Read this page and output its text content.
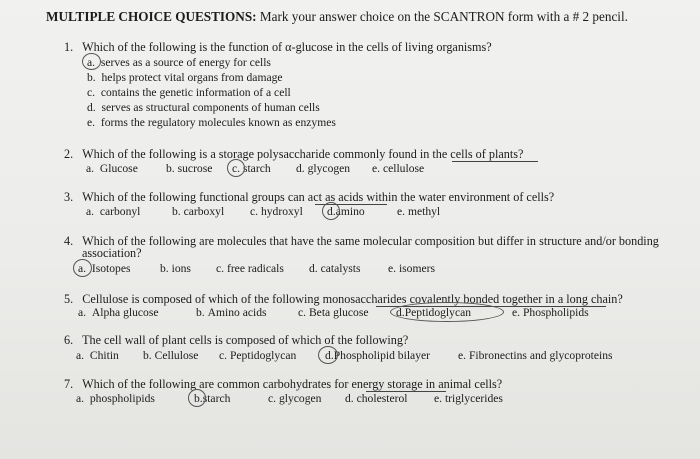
MULTIPLE CHOICE QUESTIONS: Mark your answer choice on the SCANTRON form with a # 2 pencil.
1. Which of the following is the function of α-glucose in the cells of living organisms?
a. serves as a source of energy for cells
b. helps protect vital organs from damage
c. contains the genetic information of a cell
d. serves as structural components of human cells
e. forms the regulatory molecules known as enzymes
2. Which of the following is a storage polysaccharide commonly found in the cells of plants?
a. Glucose b. sucrose c. starch d. glycogen e. cellulose
3. Which of the following functional groups can act as acids within the water environment of cells?
a. carbonyl	b. carboxyl c. hydroxyl d.amino	e. methyl
4. Which of the following are molecules that have the same molecular composition but differ in structure and/or bonding
association?
a. Isotopes	b. ions c. free radicals d. catalysts e. isomers
5. Cellulose is composed of which of the following monosaccharides covalently bonded together in a long chain?
a. Alpha glucose	b. Amino acids	c. Beta glucose d.Peptidoglycan	e. Phospholipids
6. The cell wall of plant cells is composed of which of the following?
a. Chitin b. Cellulose c. Peptidoglycan d.Phospholipid bilayer e. Fibronectins and glycoproteins
7. Which of the following are common carbohydrates for energy storage in animal cells?
a. phospholipids	b.starch	c. glycogen d. cholesterol e. triglycerides
